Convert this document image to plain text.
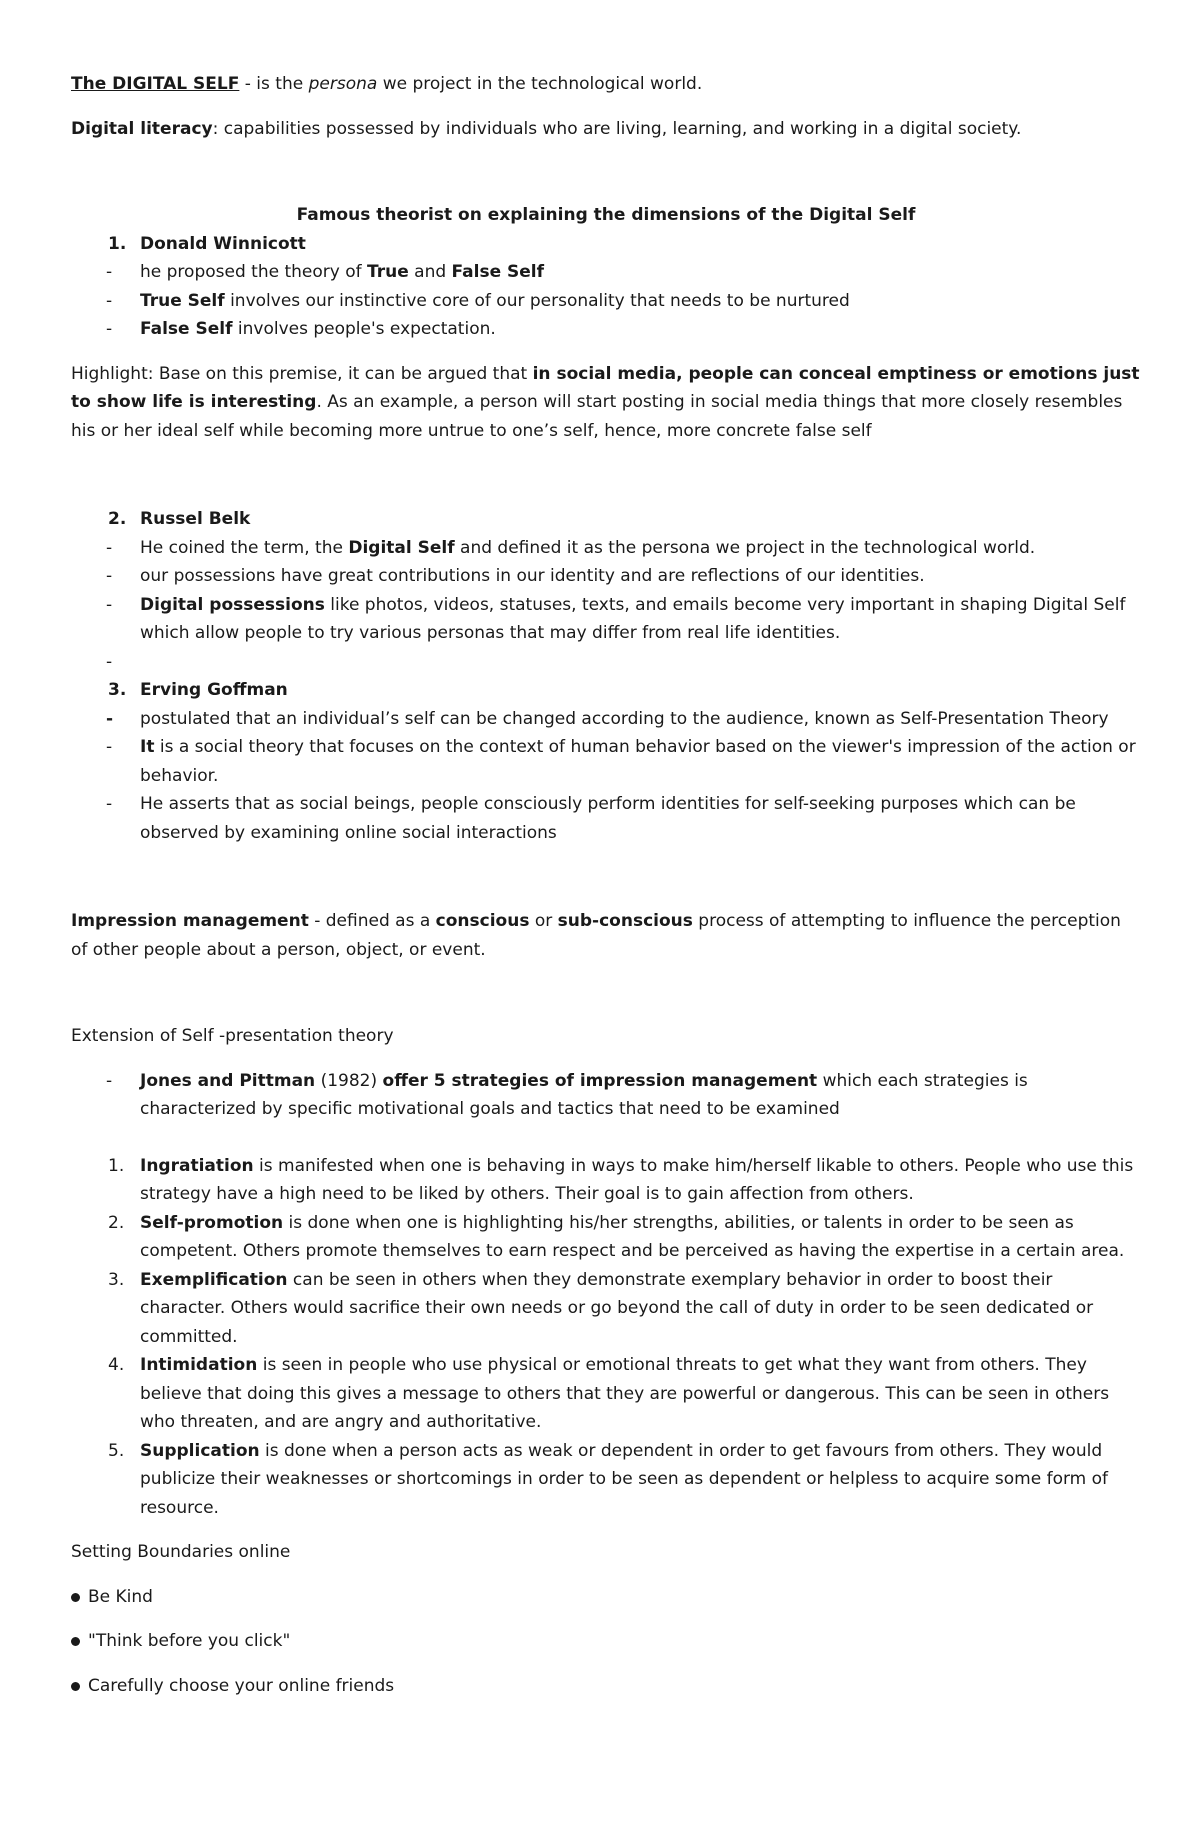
The DIGITAL SELF - is the persona we project in the technological world.

Digital literacy: capabilities possessed by individuals who are living, learning, and working in a digital society.

Famous theorist on explaining the dimensions of the Digital Self

1. Donald Winnicott
- he proposed the theory of True and False Self
- True Self involves our instinctive core of our personality that needs to be nurtured
- False Self involves people's expectation.

Highlight: Base on this premise, it can be argued that in social media, people can conceal emptiness or emotions just to show life is interesting. As an example, a person will start posting in social media things that more closely resembles his or her ideal self while becoming more untrue to one’s self, hence, more concrete false self

2. Russel Belk
- He coined the term, the Digital Self and defined it as the persona we project in the technological world.
- our possessions have great contributions in our identity and are reflections of our identities.
- Digital possessions like photos, videos, statuses, texts, and emails become very important in shaping Digital Self which allow people to try various personas that may differ from real life identities.
-

3. Erving Goffman
- postulated that an individual’s self can be changed according to the audience, known as Self-Presentation Theory
- It is a social theory that focuses on the context of human behavior based on the viewer's impression of the action or behavior.
- He asserts that as social beings, people consciously perform identities for self-seeking purposes which can be observed by examining online social interactions

Impression management - defined as a conscious or sub-conscious process of attempting to influence the perception of other people about a person, object, or event.

Extension of Self -presentation theory

- Jones and Pittman (1982) offer 5 strategies of impression management which each strategies is characterized by specific motivational goals and tactics that need to be examined
1. Ingratiation is manifested when one is behaving in ways to make him/herself likable to others. People who use this strategy have a high need to be liked by others. Their goal is to gain affection from others.
2. Self-promotion is done when one is highlighting his/her strengths, abilities, or talents in order to be seen as competent. Others promote themselves to earn respect and be perceived as having the expertise in a certain area.
3. Exemplification can be seen in others when they demonstrate exemplary behavior in order to boost their character. Others would sacrifice their own needs or go beyond the call of duty in order to be seen dedicated or committed.
4. Intimidation is seen in people who use physical or emotional threats to get what they want from others. They believe that doing this gives a message to others that they are powerful or dangerous. This can be seen in others who threaten, and are angry and authoritative.
5. Supplication is done when a person acts as weak or dependent in order to get favours from others. They would publicize their weaknesses or shortcomings in order to be seen as dependent or helpless to acquire some form of resource.

Setting Boundaries online

Be Kind
"Think before you click"
Carefully choose your online friends
